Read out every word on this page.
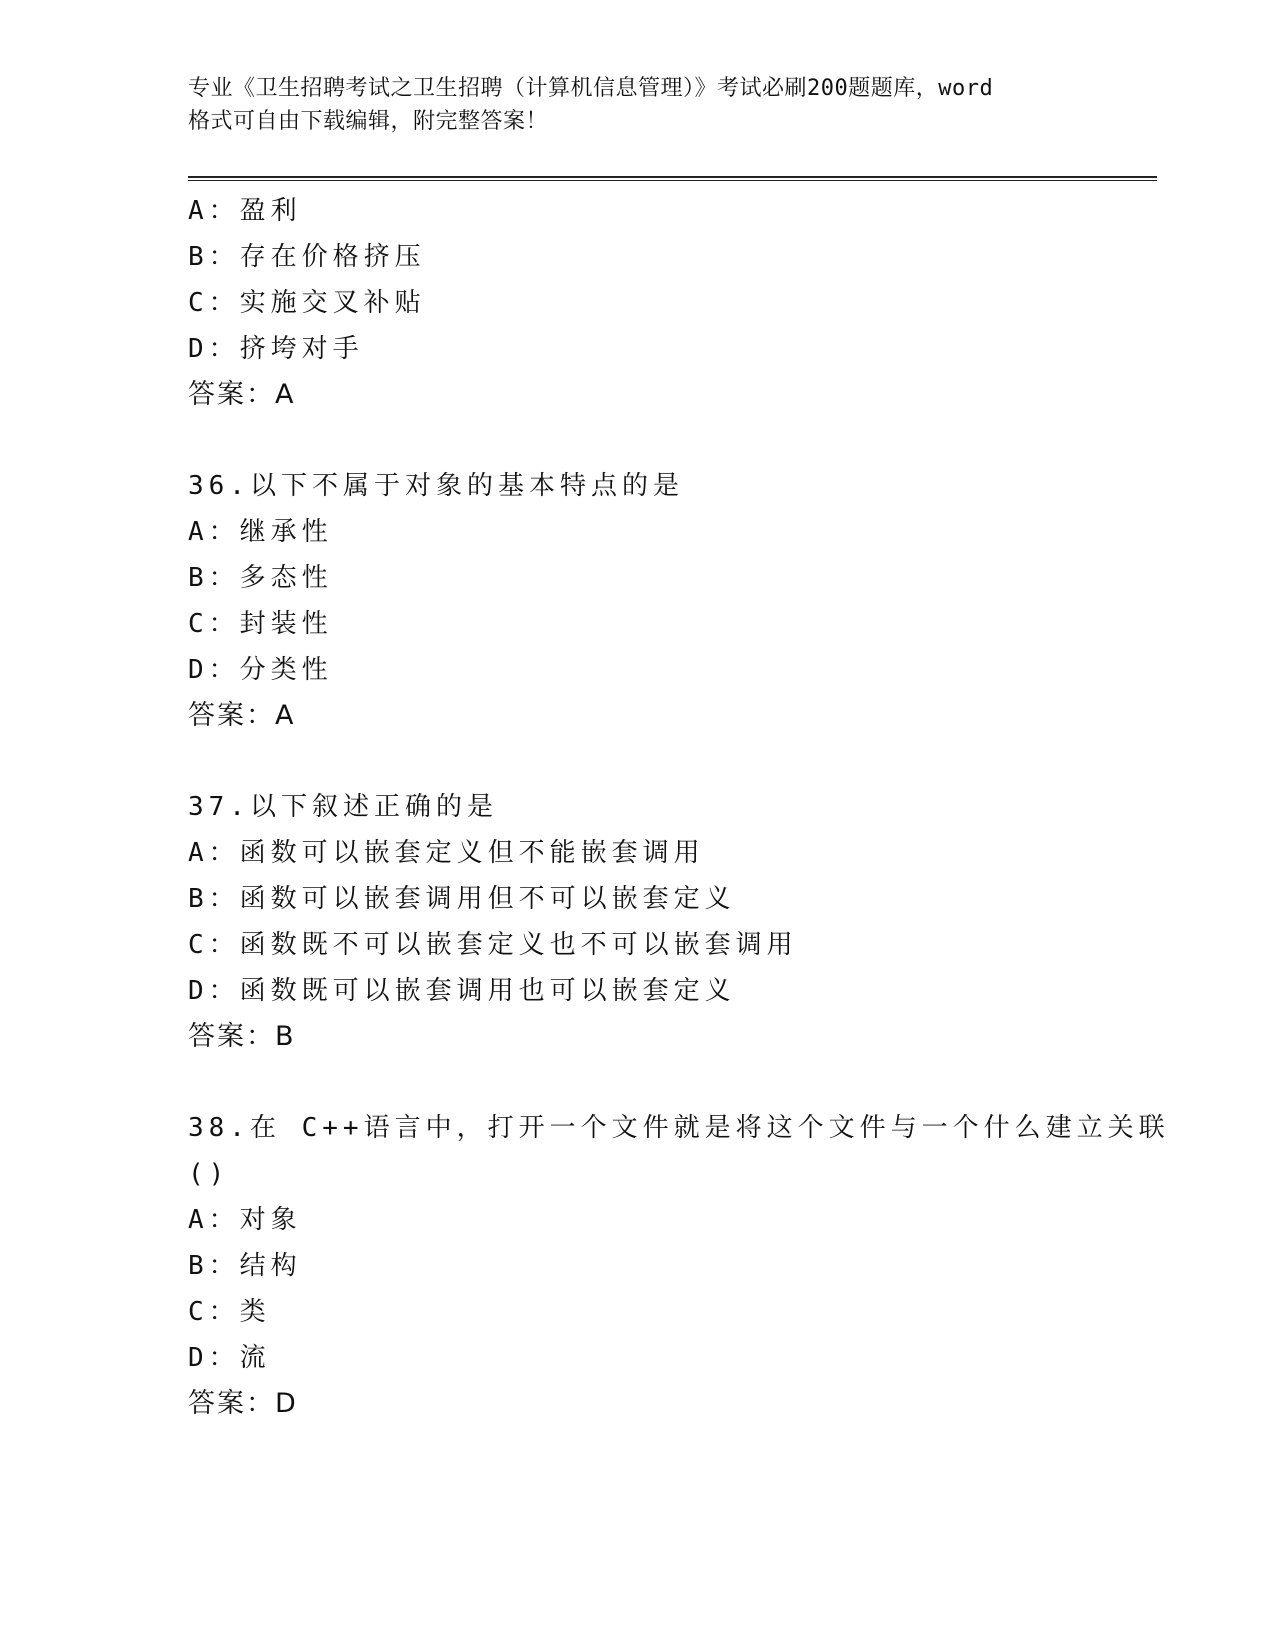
专业《卫生招聘考试之卫生招聘（计算机信息管理）》考试必刷200题题库，word
格式可自由下载编辑，附完整答案！
A：盈利
B：存在价格挤压
C：实施交叉补贴
D：挤垮对手
答案：A
36.以下不属于对象的基本特点的是
A：继承性
B：多态性
C：封装性
D：分类性
答案：A
37.以下叙述正确的是
A：函数可以嵌套定义但不能嵌套调用
B：函数可以嵌套调用但不可以嵌套定义
C：函数既不可以嵌套定义也不可以嵌套调用
D：函数既可以嵌套调用也可以嵌套定义
答案：B
38.在 C++语言中，打开一个文件就是将这个文件与一个什么建立关联
()
A：对象
B：结构
C：类
D：流
答案：D
